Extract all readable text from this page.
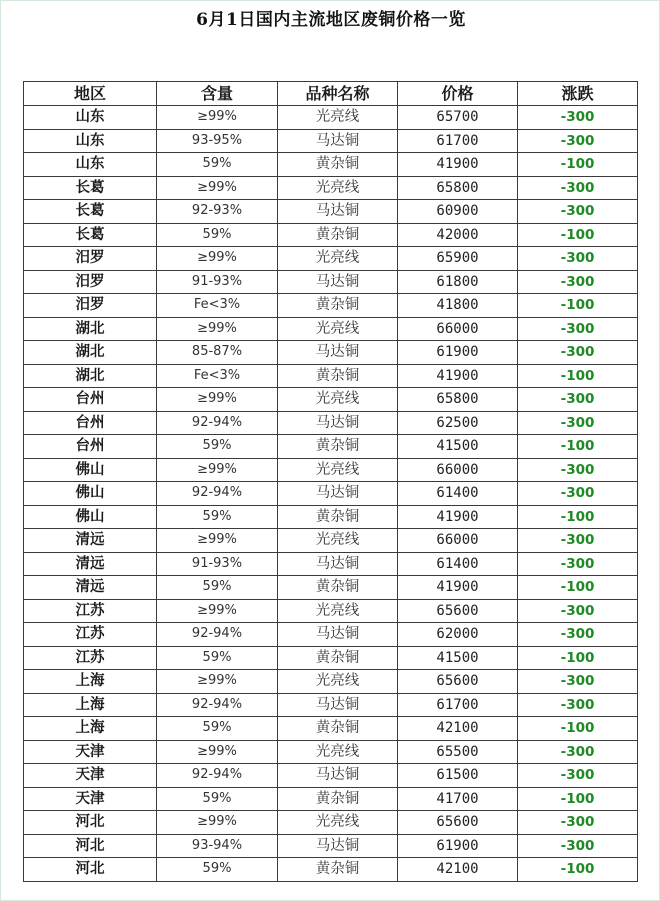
6月1日国内主流地区废铜价格一览
地区	含量	品种名称	价格	涨跌
山东	≥99%	光亮线	65700	-300
山东	93-95%	马达铜	61700	-300
山东	59%	黄杂铜	41900	-100
长葛	≥99%	光亮线	65800	-300
长葛	92-93%	马达铜	60900	-300
长葛	59%	黄杂铜	42000	-100
汨罗	≥99%	光亮线	65900	-300
汨罗	91-93%	马达铜	61800	-300
汨罗	Fe<3%	黄杂铜	41800	-100
湖北	≥99%	光亮线	66000	-300
湖北	85-87%	马达铜	61900	-300
湖北	Fe<3%	黄杂铜	41900	-100
台州	≥99%	光亮线	65800	-300
台州	92-94%	马达铜	62500	-300
台州	59%	黄杂铜	41500	-100
佛山	≥99%	光亮线	66000	-300
佛山	92-94%	马达铜	61400	-300
佛山	59%	黄杂铜	41900	-100
清远	≥99%	光亮线	66000	-300
清远	91-93%	马达铜	61400	-300
清远	59%	黄杂铜	41900	-100
江苏	≥99%	光亮线	65600	-300
江苏	92-94%	马达铜	62000	-300
江苏	59%	黄杂铜	41500	-100
上海	≥99%	光亮线	65600	-300
上海	92-94%	马达铜	61700	-300
上海	59%	黄杂铜	42100	-100
天津	≥99%	光亮线	65500	-300
天津	92-94%	马达铜	61500	-300
天津	59%	黄杂铜	41700	-100
河北	≥99%	光亮线	65600	-300
河北	93-94%	马达铜	61900	-300
河北	59%	黄杂铜	42100	-100
